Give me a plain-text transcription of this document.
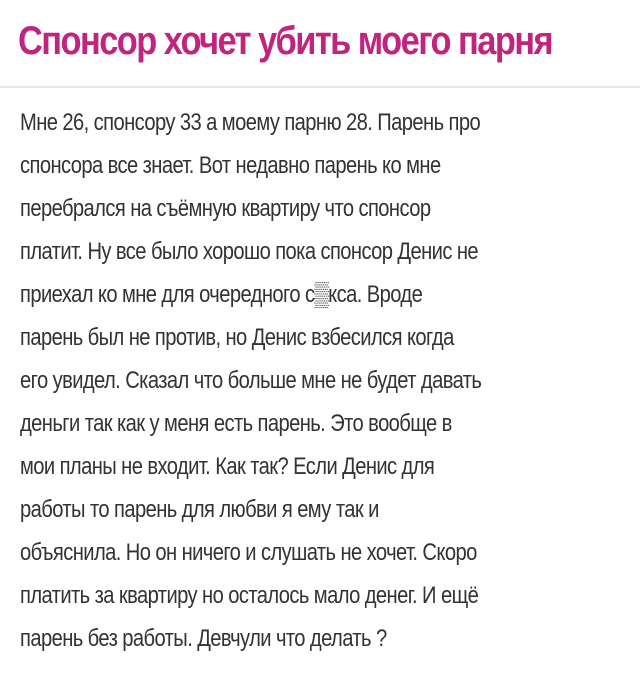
Спонсор хочет убить моего парня
Мне 26, спонсору 33 а моему парню 28. Парень про
спонсора все знает. Вот недавно парень ко мне
перебрался на съёмную квартиру что спонсор
платит. Ну все было хорошо пока спонсор Денис не
приехал ко мне для очередного с▒кса. Вроде
парень был не против, но Денис взбесился когда
его увидел. Сказал что больше мне не будет давать
деньги так как у меня есть парень. Это вообще в
мои планы не входит. Как так? Если Денис для
работы то парень для любви я ему так и
объяснила. Но он ничего и слушать не хочет. Скоро
платить за квартиру но осталось мало денег. И ещё
парень без работы. Девчули что делать ?
